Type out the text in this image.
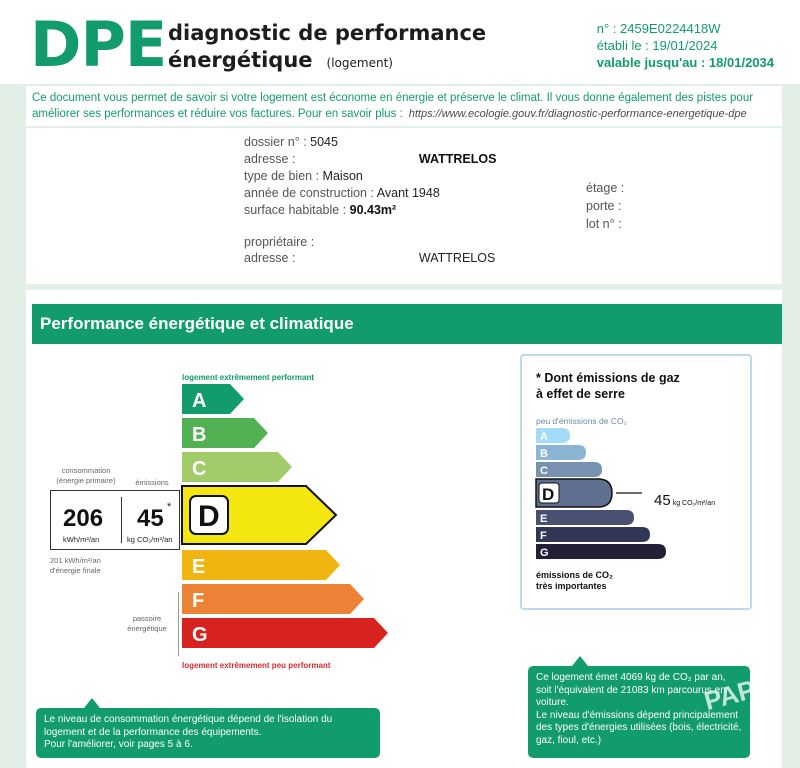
DPE diagnostic de performance
énergétique (logement)
n° : 2459E0224418W
établi le : 19/01/2024
valable jusqu'au : 18/01/2034
Ce document vous permet de savoir si votre logement est économe en énergie et préserve le climat. Il vous donne également des pistes pour améliorer ses performances et réduire vos factures. Pour en savoir plus : https://www.ecologie.gouv.fr/diagnostic-performance-energetique-dpe
dossier n° : 5045
adresse :	WATTRELOS
type de bien : Maison
année de construction : Avant 1948
surface habitable : 90.43m²
étage :
porte :
lot n° :
propriétaire :
adresse :	WATTRELOS
Performance énergétique et climatique
logement extrêmement performant
logement extrêmement peu performant
A
B
C
D
E
F
G
consommation
(énergie primaire)	émissions
206
kWh/m²/an
45 *
kg CO₂/m²/an
201 kWh/m²/an
d'énergie finale
passoire
énergétique
* Dont émissions de gaz
à effet de serre
peu d'émissions de CO₂
émissions de CO₂
très importantes
45 kg CO₂/m²/an
A
B
C
D
E
F
G
Le niveau de consommation énergétique dépend de l'isolation du logement et de la performance des équipements.
Pour l'améliorer, voir pages 5 à 6.
Ce logement émet 4069 kg de CO₂ par an, soit l'équivalent de 21083 km parcourus en voiture.
Le niveau d'émissions dépend principalement des types d'énergies utilisées (bois, électricité, gaz, fioul, etc.)
PAP
